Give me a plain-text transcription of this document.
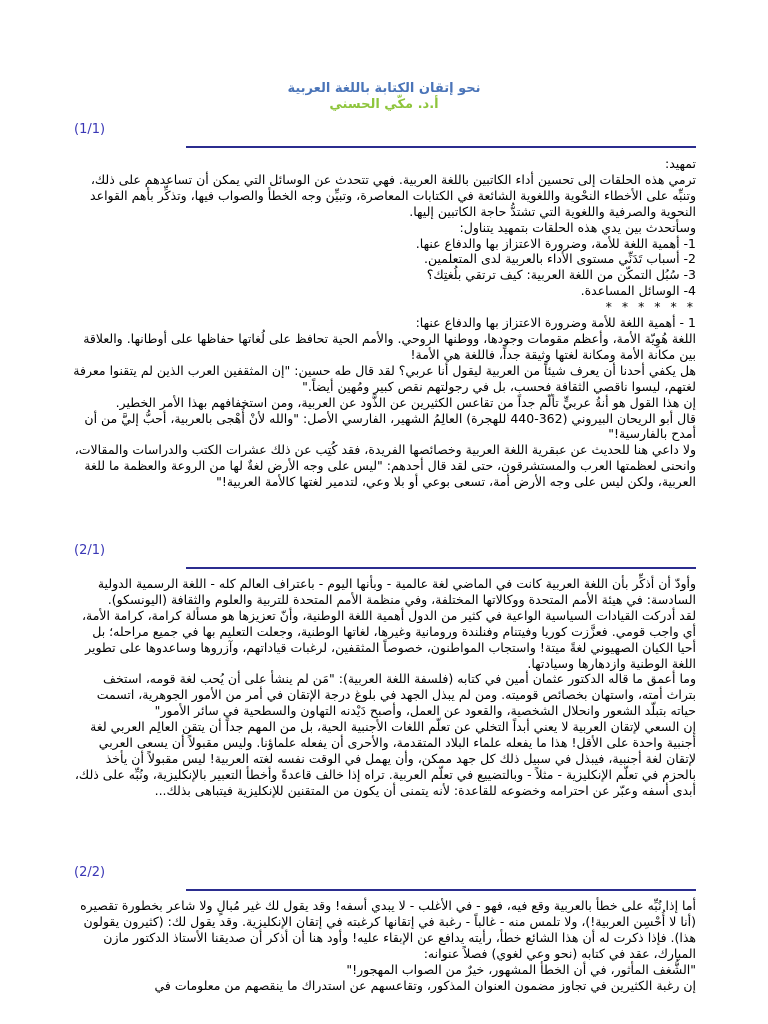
نحو إتقان الكتابة باللغة العربية
أ.د. مكّي الحسني
(1/1)

تمهيد:

ترمي هذه الحلقات إلى تحسين أداء الكاتبين باللغة العربية. فهي تتحدث عن الوسائل التي يمكن أن تساعدهم على ذلك، وتنبِّه على الأخطاء النحْوية واللغوية الشائعة في الكتابات المعاصرة، وتبيِّن وجه الخطأ والصواب فيها، وتذكِّر بأهم القواعد النحوية والصرفية واللغوية التي تشتدُّ حاجة الكاتبين إليها.

وسأتحدث بين يدي هذه الحلقات بتمهيد يتناول:

1- أهمية اللغة للأمة، وضرورة الاعتزاز بها والدفاع عنها.

2- أسباب تَدَنِّي مستوى الأداء بالعربية لدى المتعلمين.

3- سُبُل التمكّن من اللغة العربية: كيف ترتقي بلُغتِك؟

4- الوسائل المساعدة.

* * * * * *

1 - أهمية اللغة للأمة وضرورة الاعتزاز بها والدفاع عنها:

اللغة هُوِيّة الأمة، وأعظم مقومات وجودها، ووطنها الروحي. والأمم الحية تحافظ على لُغاتها حفاظها على أوطانها. والعلاقة بين مكانة الأمة ومكانة لغتها وثيقة جداً، فاللغة هي الأمة!

هل يكفي أحدنا أن يعرف شيئاً من العربية ليقول أنا عربي؟ لقد قال طه حسين: "إن المثقفين العرب الذين لم يتقنوا معرفة لغتهم، ليسوا ناقصي الثقافة فحسب، بل في رجولتهم نقص كبير ومُهين أيضاً."

إن هذا القول هو أنةُ عربيٍّ تألّم جداً من تقاعس الكثيرين عن الذَّود عن العربية، ومن استخفافهم بهذا الأمر الخطير.

قال أبو الريحان البيروني (362-440 للهجرة) العالِمُ الشهير، الفارسي الأصل: "والله لأنْ أُهْجى بالعربية، أحبُّ إليَّ من أن أمدح بالفارسية!"

ولا داعي هنا للحديث عن عبقرية اللغة العربية وخصائصها الفريدة، فقد كُتِب عن ذلك عشرات الكتب والدراسات والمقالات، وانحنى لعظمتها العرب والمستشرقون، حتى لقد قال أحدهم: "ليس على وجه الأرض لغةٌ لها من الروعة والعظمة ما للغة العربية، ولكن ليس على وجه الأرض أمة، تسعى بوعي أو بلا وعي، لتدمير لغتها كالأمة العربية!"

(2/1)

وأودّ أن أذكِّر بأن اللغة العربية كانت في الماضي لغة عالمية - وبأنها اليوم - باعتراف العالم كله - اللغة الرسمية الدولية السادسة: في هيئة الأمم المتحدة ووكالاتها المختلفة، وفي منظمة الأمم المتحدة للتربية والعلوم والثقافة (اليونسكو).

لقد أدركت القيادات السياسية الواعية في كثير من الدول أهمية اللغة الوطنية، وأنّ تعزيزها هو مسألة كرامة، كرامة الأمة، أي واجب قومي. فعزَّزت كوريا وفيتنام وفنلندة ورومانية وغيرها، لغاتها الوطنية، وجعلت التعليم بها في جميع مراحله؛ بل أحيا الكيان الصهيوني لغةً ميتة! واستجاب المواطنون، خصوصاً المثقفين، لرغبات قياداتهم، وآزروها وساعدوها على تطوير اللغة الوطنية وازدهارها وسيادتها.

وما أعمق ما قاله الدكتور عثمان أمين في كتابه (فلسفة اللغة العربية): "مَن لم ينشأ على أن يُحب لغة قومه، استخف بتراث أمته، واستهان بخصائص قوميته. ومن لم يبذل الجهد في بلوغ درجة الإتقان في أمر من الأمور الجوهرية، اتسمت حياته بتبلّد الشعور وانحلال الشخصية، والقعود عن العمل، وأصبح دَيْدنه التهاون والسطحية في سائر الأمور"

إن السعي لإتقان العربية لا يعني أبداً التخلي عن تعلّم اللغات الأجنبية الحية، بل من المهم جداً أن يتقن العالِم العربي لغة أجنبية واحدة على الأقل! هذا ما يفعله علماء البلاد المتقدمة، والأحرى أن يفعله علماؤنا. وليس مقبولاً أن يسعى العربي لإتقان لغة أجنبية، فيبذل في سبيل ذلك كل جهد ممكن، وأن يهمل في الوقت نفسه لغته العربية! ليس مقبولاً أن يأخذ بالحزم في تعلّم الإنكليزية - مثلاً - وبالتضييع في تعلّم العربية. تراه إذا خالف قاعدةً وأخطأ التعبير بالإنكليزية، ونُبِّه على ذلك، أبدى أسفه وعبّر عن احترامه وخضوعه للقاعدة: لأنه يتمنى أن يكون من المتقنين للإنكليزية فيتباهى بذلك...

(2/2)

أما إذا نُبِّه على خطأ بالعربية وقع فيه، فهو - في الأغلب - لا يبدي أسفه! وقد يقول لك غير مُبالٍ ولا شاعر بخطورة تقصيره (أنا لا أُحْسِن العربية!)، ولا تلمس منه - غالباً - رغبة في إتقانها كرغبته في إتقان الإنكليزية. وقد يقول لك: (كثيرون يقولون هذا). فإذا ذكرت له أن هذا الشائع خطأ، رأيته يدافع عن الإبقاء عليه! وأود هنا أن أذكر أن صديقنا الأستاذ الدكتور مازن المبارك، عقد في كتابه (نحو وعي لغوي) فصلاً عنوانه:

"الشُّغف المأثور، في أن الخطأ المشهور، خيرٌ من الصواب المهجور!"

إن رغبة الكثيرين في تجاوز مضمون العنوان المذكور، وتقاعسهم عن استدراك ما ينقصهم من معلومات في
